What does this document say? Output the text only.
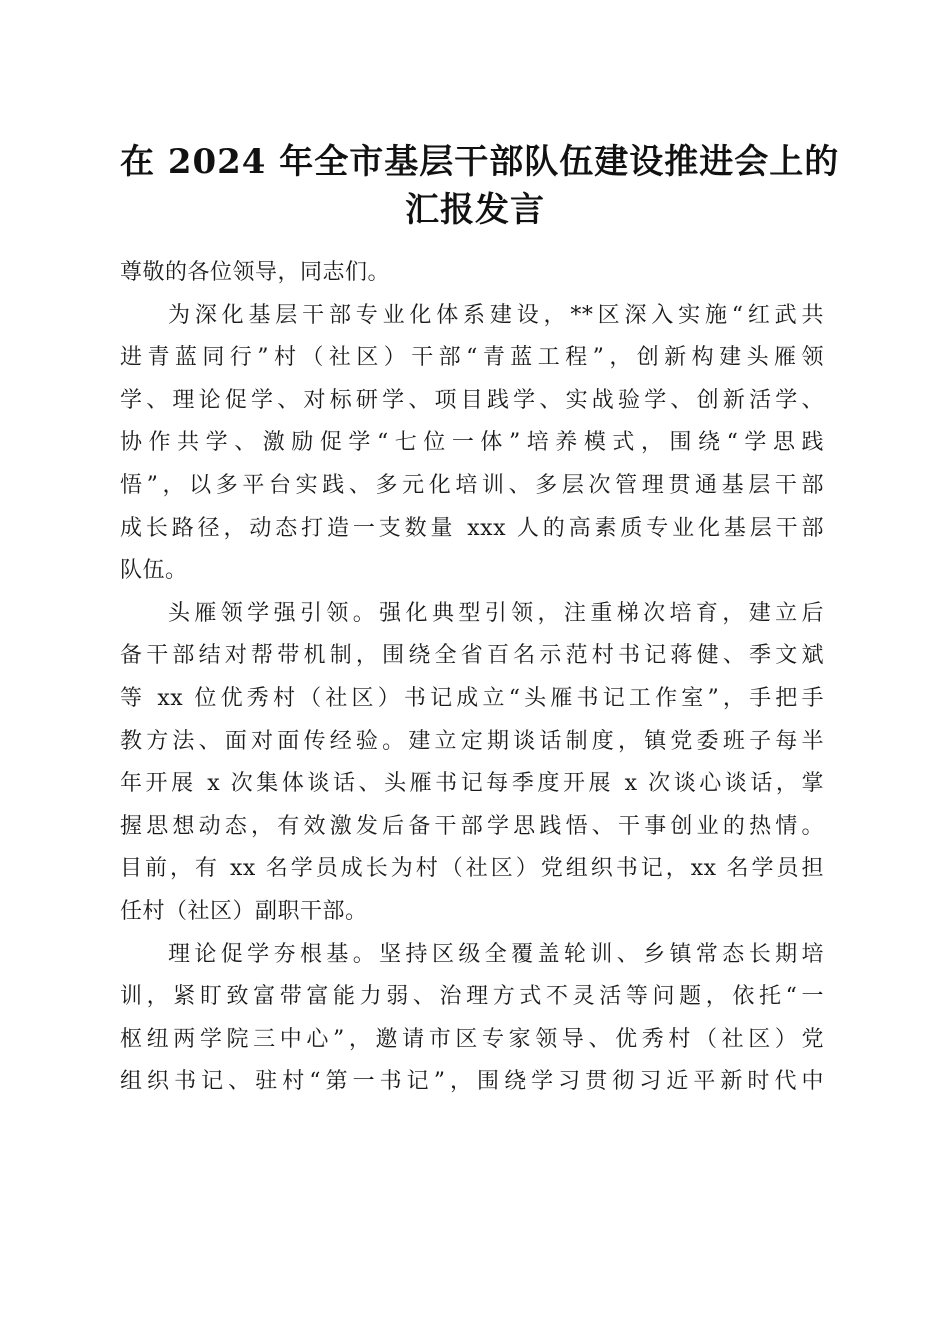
在 2024 年全市基层干部队伍建设推进会上的
汇报发言
尊敬的各位领导，同志们。
为深化基层干部专业化体系建设，**区深入实施“红武共
进青蓝同行”村（社区）干部“青蓝工程”，创新构建头雁领
学、理论促学、对标研学、项目践学、实战验学、创新活学、
协作共学、激励促学“七位一体”培养模式，围绕“学思践
悟”，以多平台实践、多元化培训、多层次管理贯通基层干部
成长路径，动态打造一支数量 xxx 人的高素质专业化基层干部
队伍。
头雁领学强引领。强化典型引领，注重梯次培育，建立后
备干部结对帮带机制，围绕全省百名示范村书记蒋健、季文斌
等 xx 位优秀村（社区）书记成立“头雁书记工作室”，手把手
教方法、面对面传经验。建立定期谈话制度，镇党委班子每半
年开展 x 次集体谈话、头雁书记每季度开展 x 次谈心谈话，掌
握思想动态，有效激发后备干部学思践悟、干事创业的热情。
目前，有 xx 名学员成长为村（社区）党组织书记，xx 名学员担
任村（社区）副职干部。
理论促学夯根基。坚持区级全覆盖轮训、乡镇常态长期培
训，紧盯致富带富能力弱、治理方式不灵活等问题，依托“一
枢纽两学院三中心”，邀请市区专家领导、优秀村（社区）党
组织书记、驻村“第一书记”，围绕学习贯彻习近平新时代中
